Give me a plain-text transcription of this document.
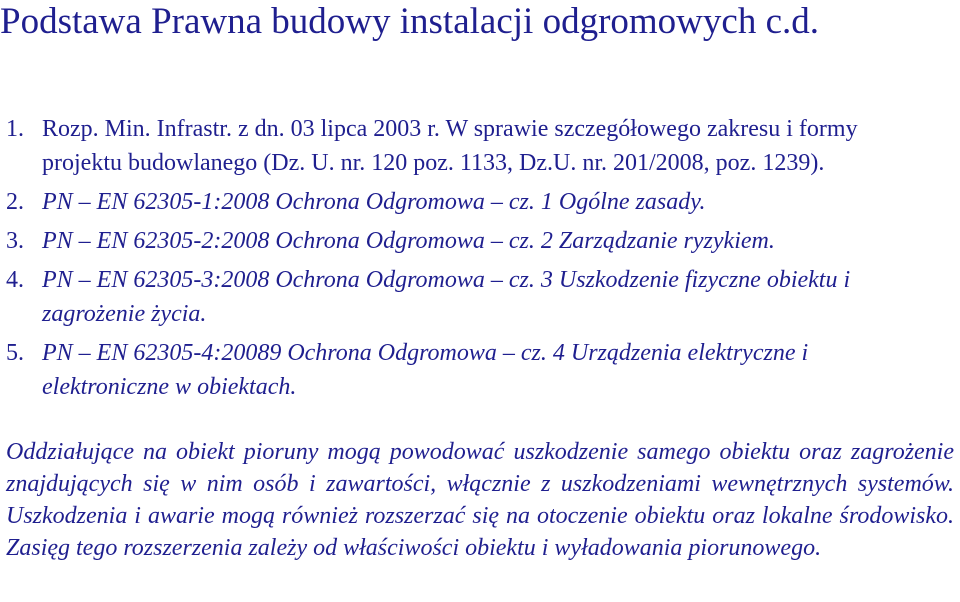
Podstawa Prawna budowy instalacji odgromowych c.d.
1. Rozp. Min. Infrastr. z dn. 03 lipca 2003 r. W sprawie szczegółowego zakresu i formy projektu budowlanego (Dz. U. nr. 120 poz. 1133, Dz.U. nr. 201/2008, poz. 1239).
2. PN – EN 62305-1:2008 Ochrona Odgromowa – cz. 1 Ogólne zasady.
3. PN – EN 62305-2:2008 Ochrona Odgromowa – cz. 2 Zarządzanie ryzykiem.
4. PN – EN 62305-3:2008 Ochrona Odgromowa – cz. 3 Uszkodzenie fizyczne obiektu i zagrożenie życia.
5. PN – EN 62305-4:20089 Ochrona Odgromowa – cz. 4 Urządzenia elektryczne i elektroniczne w obiektach.

Oddziałujące na obiekt pioruny mogą powodować uszkodzenie samego obiektu oraz zagrożenie znajdujących się w nim osób i zawartości, włącznie z uszkodzeniami wewnętrznych systemów. Uszkodzenia i awarie mogą również rozszerzać się na otoczenie obiektu oraz lokalne środowisko. Zasięg tego rozszerzenia zależy od właściwości obiektu i wyładowania piorunowego.
